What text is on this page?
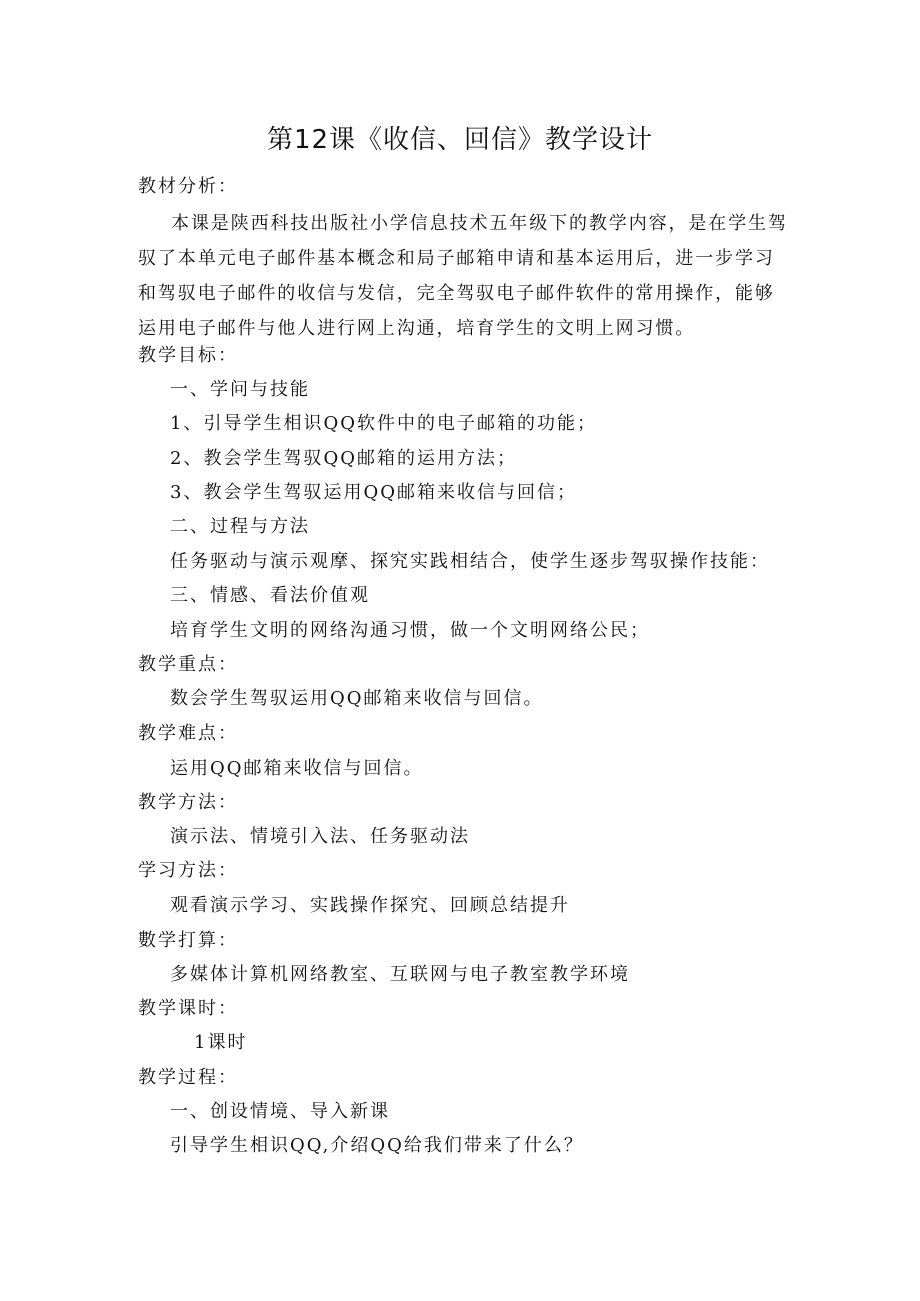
第12课《收信、回信》教学设计
教材分析：
本课是陕西科技出版社小学信息技术五年级下的教学内容，是在学生驾驭了本单元电子邮件基本概念和局子邮箱申请和基本运用后，进一步学习和驾驭电子邮件的收信与发信，完全驾驭电子邮件软件的常用操作，能够运用电子邮件与他人进行网上沟通，培育学生的文明上网习惯。
教学目标：
一、学问与技能
1、引导学生相识QQ软件中的电子邮箱的功能；
2、教会学生驾驭QQ邮箱的运用方法；
3、教会学生驾驭运用QQ邮箱来收信与回信；
二、过程与方法
任务驱动与演示观摩、探究实践相结合，使学生逐步驾驭操作技能：
三、情感、看法价值观
培育学生文明的网络沟通习惯，做一个文明网络公民；
教学重点：
数会学生驾驭运用QQ邮箱来收信与回信。
教学难点：
运用QQ邮箱来收信与回信。
教学方法：
演示法、情境引入法、任务驱动法
学习方法：
观看演示学习、实践操作探究、回顾总结提升
數学打算：
多媒体计算机网络教室、互联网与电子教室教学环境
教学课时：
1课时
教学过程：
一、创设情境、导入新课
引导学生相识QQ,介绍QQ给我们带来了什么？
